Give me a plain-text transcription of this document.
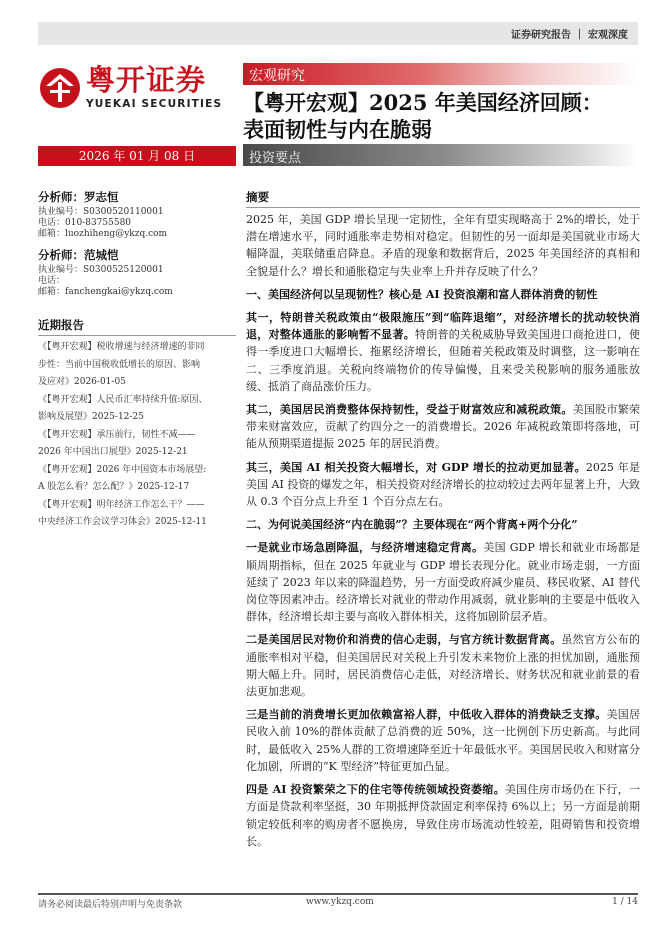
证券研究报告 ｜ 宏观深度
粤开证券
YUEKAI SECURITIES
宏观研究
【粤开宏观】2025 年美国经济回顾：
表面韧性与内在脆弱
2026 年 01 月 08 日	投资要点
分析师：罗志恒
执业编号：S0300520110001
电话：010-83755580
邮箱：luozhiheng@ykzq.com
分析师：范城恺
执业编号：S0300525120001
电话：
邮箱：fanchengkai@ykzq.com
近期报告
《【粤开宏观】税收增速与经济增速的非同
步性：当前中国税收低增长的原因、影响
及应对》2026-01-05
《【粤开宏观】人民币汇率持续升值:原因、
影响及展望》2025-12-25
《【粤开宏观】承压前行，韧性不减——
2026 年中国出口展望》2025-12-21
《【粤开宏观】2026 年中国资本市场展望:
A 股怎么看？怎么配？》2025-12-17
《【粤开宏观】明年经济工作怎么干？——
中央经济工作会议学习体会》2025-12-11
摘要

2025 年，美国 GDP 增长呈现一定韧性，全年有望实现略高于 2%的增长，处于潜在增速水平，同时通胀率走势相对稳定。但韧性的另一面却是美国就业市场大幅降温，美联储重启降息。矛盾的现象和数据背后，2025 年美国经济的真相和全貌是什么？增长和通胀稳定与失业率上升并存反映了什么？

一、美国经济何以呈现韧性？核心是 AI 投资浪潮和富人群体消费的韧性

其一，特朗普关税政策由“极限施压”到“临阵退缩”，对经济增长的扰动较快消退，对整体通胀的影响暂不显著。特朗普的关税威胁导致美国进口商抢进口，使得一季度进口大幅增长、拖累经济增长，但随着关税政策及时调整，这一影响在二、三季度消退。关税向终端物价的传导偏慢，且来受关税影响的服务通胀放缓、抵消了商品涨价压力。

其二，美国居民消费整体保持韧性，受益于财富效应和减税政策。美国股市繁荣带来财富效应，贡献了约四分之一的消费增长。2026 年减税政策即将落地，可能从预期渠道提振 2025 年的居民消费。

其三，美国 AI 相关投资大幅增长，对 GDP 增长的拉动更加显著。2025 年是美国 AI 投资的爆发之年，相关投资对经济增长的拉动较过去两年显著上升，大致从 0.3 个百分点上升至 1 个百分点左右。

二、为何说美国经济“内在脆弱”？主要体现在“两个背离+两个分化”

一是就业市场急剧降温，与经济增速稳定背离。美国 GDP 增长和就业市场都是顺周期指标，但在 2025 年就业与 GDP 增长表现分化。就业市场走弱，一方面延续了 2023 年以来的降温趋势，另一方面受政府减少雇员、移民收紧、AI 替代岗位等因素冲击。经济增长对就业的带动作用减弱，就业影响的主要是中低收入群体，经济增长却主要与高收入群体相关，这将加剧阶层矛盾。

二是美国居民对物价和消费的信心走弱，与官方统计数据背离。虽然官方公布的通胀率相对平稳，但美国居民对关税上升引发未来物价上涨的担忧加剧，通胀预期大幅上升。同时，居民消费信心走低，对经济增长、财务状况和就业前景的看法更加悲观。

三是当前的消费增长更加依赖富裕人群，中低收入群体的消费缺乏支撑。美国居民收入前 10%的群体贡献了总消费的近 50%，这一比例创下历史新高。与此同时，最低收入 25%人群的工资增速降至近十年最低水平。美国居民收入和财富分化加剧，所谓的“K 型经济”特征更加凸显。

四是 AI 投资繁荣之下的住宅等传统领域投资萎缩。美国住房市场仍在下行，一方面是贷款利率坚挺，30 年期抵押贷款固定利率保持 6%以上；另一方面是前期锁定较低利率的购房者不愿换房，导致住房市场流动性较差，阻碍销售和投资增长。

请务必阅读最后特别声明与免责条款	www.ykzq.com	1 / 14
